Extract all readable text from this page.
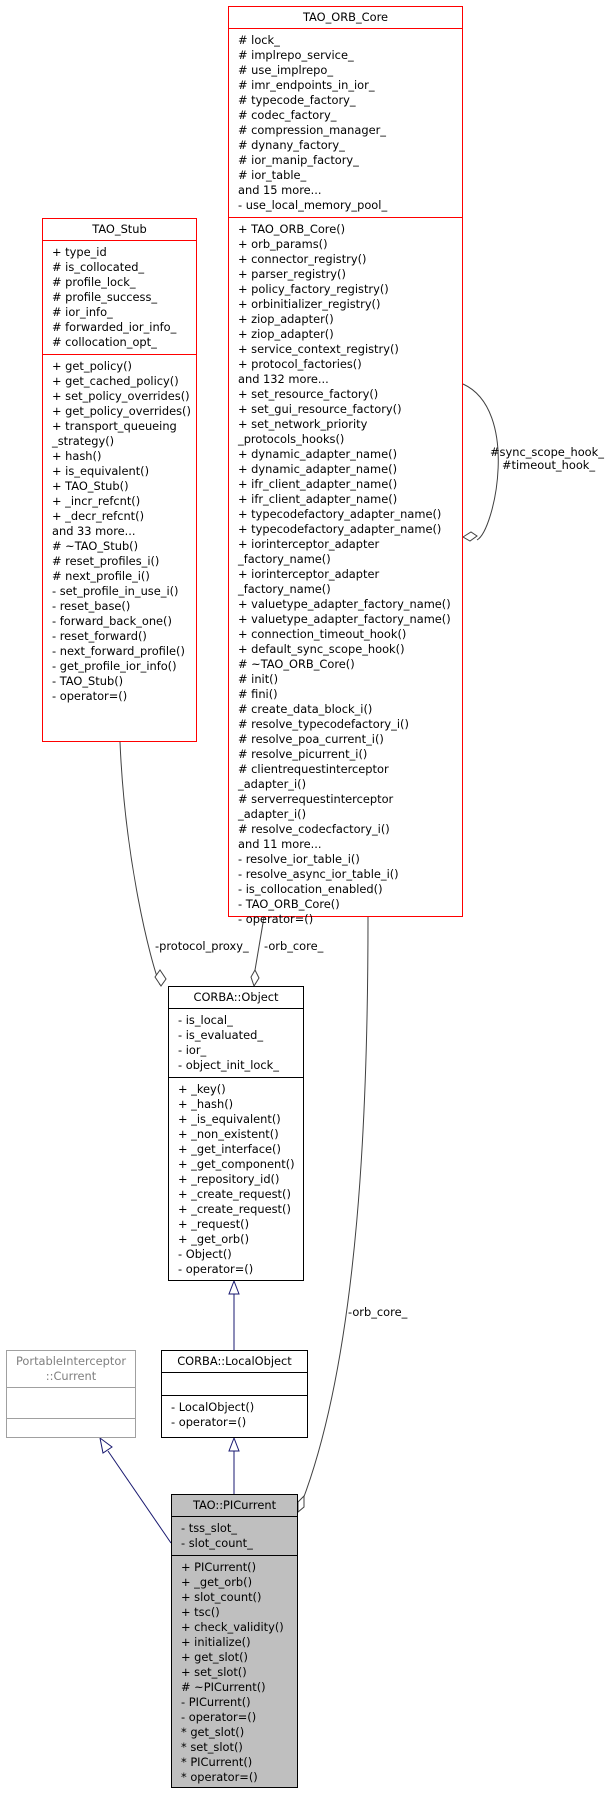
TAO_ORB_Core
# lock_
# implrepo_service_
# use_implrepo_
# imr_endpoints_in_ior_
# typecode_factory_
# codec_factory_
# compression_manager_
# dynany_factory_
# ior_manip_factory_
# ior_table_
and 15 more...
- use_local_memory_pool_
+ TAO_ORB_Core()
+ orb_params()
+ connector_registry()
+ parser_registry()
+ policy_factory_registry()
+ orbinitializer_registry()
+ ziop_adapter()
+ ziop_adapter()
+ service_context_registry()
+ protocol_factories()
and 132 more...
+ set_resource_factory()
+ set_gui_resource_factory()
+ set_network_priority
_protocols_hooks()
+ dynamic_adapter_name()
+ dynamic_adapter_name()
+ ifr_client_adapter_name()
+ ifr_client_adapter_name()
+ typecodefactory_adapter_name()
+ typecodefactory_adapter_name()
+ iorinterceptor_adapter
_factory_name()
+ iorinterceptor_adapter
_factory_name()
+ valuetype_adapter_factory_name()
+ valuetype_adapter_factory_name()
+ connection_timeout_hook()
+ default_sync_scope_hook()
# ~TAO_ORB_Core()
# init()
# fini()
# create_data_block_i()
# resolve_typecodefactory_i()
# resolve_poa_current_i()
# resolve_picurrent_i()
# clientrequestinterceptor
_adapter_i()
# serverrequestinterceptor
_adapter_i()
# resolve_codecfactory_i()
and 11 more...
- resolve_ior_table_i()
- resolve_async_ior_table_i()
- is_collocation_enabled()
- TAO_ORB_Core()
- operator=()
TAO_Stub
+ type_id
# is_collocated_
# profile_lock_
# profile_success_
# ior_info_
# forwarded_ior_info_
# collocation_opt_
+ get_policy()
+ get_cached_policy()
+ set_policy_overrides()
+ get_policy_overrides()
+ transport_queueing
_strategy()
+ hash()
+ is_equivalent()
+ TAO_Stub()
+ _incr_refcnt()
+ _decr_refcnt()
and 33 more...
# ~TAO_Stub()
# reset_profiles_i()
# next_profile_i()
- set_profile_in_use_i()
- reset_base()
- forward_back_one()
- reset_forward()
- next_forward_profile()
- get_profile_ior_info()
- TAO_Stub()
- operator=()
CORBA::Object
- is_local_
- is_evaluated_
- ior_
- object_init_lock_
+ _key()
+ _hash()
+ _is_equivalent()
+ _non_existent()
+ _get_interface()
+ _get_component()
+ _repository_id()
+ _create_request()
+ _create_request()
+ _request()
+ _get_orb()
- Object()
- operator=()
PortableInterceptor
::Current
CORBA::LocalObject
- LocalObject()
- operator=()
TAO::PICurrent
- tss_slot_
- slot_count_
+ PICurrent()
+ _get_orb()
+ slot_count()
+ tsc()
+ check_validity()
+ initialize()
+ get_slot()
+ set_slot()
# ~PICurrent()
- PICurrent()
- operator=()
* get_slot()
* set_slot()
* PICurrent()
* operator=()
#sync_scope_hook_
#timeout_hook_
-protocol_proxy_ -orb_core_
-orb_core_
